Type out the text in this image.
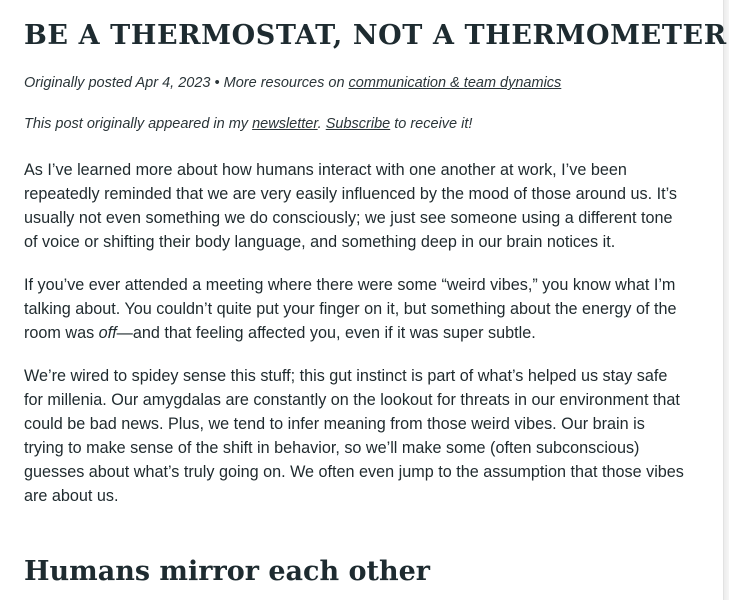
BE A THERMOSTAT, NOT A THERMOMETER
Originally posted Apr 4, 2023 • More resources on communication & team dynamics
This post originally appeared in my newsletter. Subscribe to receive it!

As I’ve learned more about how humans interact with one another at work, I’ve been repeatedly reminded that we are very easily influenced by the mood of those around us. It’s usually not even something we do consciously; we just see someone using a different tone of voice or shifting their body language, and something deep in our brain notices it.

If you’ve ever attended a meeting where there were some “weird vibes,” you know what I’m talking about. You couldn’t quite put your finger on it, but something about the energy of the room was off—and that feeling affected you, even if it was super subtle.

We’re wired to spidey sense this stuff; this gut instinct is part of what’s helped us stay safe for millenia. Our amygdalas are constantly on the lookout for threats in our environment that could be bad news. Plus, we tend to infer meaning from those weird vibes. Our brain is trying to make sense of the shift in behavior, so we’ll make some (often subconscious) guesses about what’s truly going on. We often even jump to the assumption that those vibes are about us.

Humans mirror each other
